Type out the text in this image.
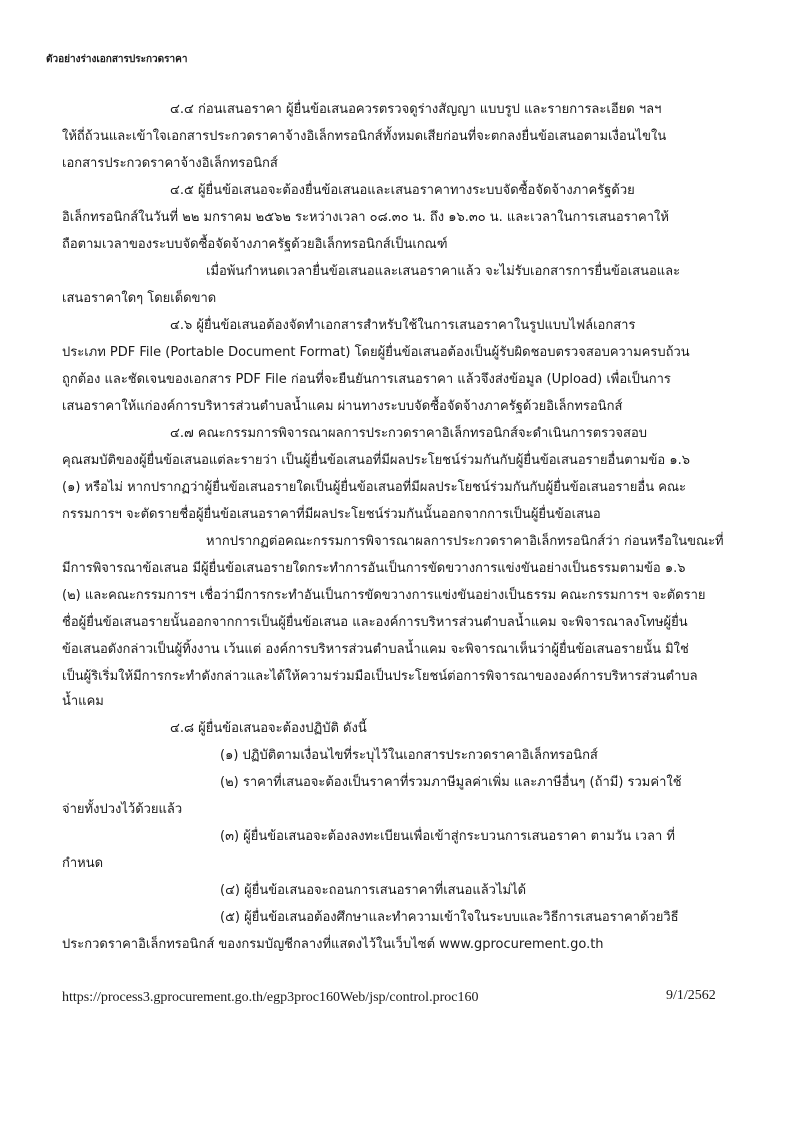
ตัวอย่างร่างเอกสารประกวดราคา
๔.๔ ก่อนเสนอราคา ผู้ยื่นข้อเสนอควรตรวจดูร่างสัญญา แบบรูป และรายการละเอียด ฯลฯ
ให้ถี่ถ้วนและเข้าใจเอกสารประกวดราคาจ้างอิเล็กทรอนิกส์ทั้งหมดเสียก่อนที่จะตกลงยื่นข้อเสนอตามเงื่อนไขใน
เอกสารประกวดราคาจ้างอิเล็กทรอนิกส์
๔.๕ ผู้ยื่นข้อเสนอจะต้องยื่นข้อเสนอและเสนอราคาทางระบบจัดซื้อจัดจ้างภาครัฐด้วย
อิเล็กทรอนิกส์ในวันที่ ๒๒ มกราคม ๒๕๖๒ ระหว่างเวลา ๐๘.๓๐ น. ถึง ๑๖.๓๐ น. และเวลาในการเสนอราคาให้
ถือตามเวลาของระบบจัดซื้อจัดจ้างภาครัฐด้วยอิเล็กทรอนิกส์เป็นเกณฑ์
เมื่อพ้นกำหนดเวลายื่นข้อเสนอและเสนอราคาแล้ว จะไม่รับเอกสารการยื่นข้อเสนอและ
เสนอราคาใดๆ โดยเด็ดขาด
๔.๖ ผู้ยื่นข้อเสนอต้องจัดทำเอกสารสำหรับใช้ในการเสนอราคาในรูปแบบไฟล์เอกสาร
ประเภท PDF File (Portable Document Format) โดยผู้ยื่นข้อเสนอต้องเป็นผู้รับผิดชอบตรวจสอบความครบถ้วน
ถูกต้อง และชัดเจนของเอกสาร PDF File ก่อนที่จะยืนยันการเสนอราคา แล้วจึงส่งข้อมูล (Upload) เพื่อเป็นการ
เสนอราคาให้แก่องค์การบริหารส่วนตำบลน้ำแคม ผ่านทางระบบจัดซื้อจัดจ้างภาครัฐด้วยอิเล็กทรอนิกส์
๔.๗ คณะกรรมการพิจารณาผลการประกวดราคาอิเล็กทรอนิกส์จะดำเนินการตรวจสอบ
คุณสมบัติของผู้ยื่นข้อเสนอแต่ละรายว่า เป็นผู้ยื่นข้อเสนอที่มีผลประโยชน์ร่วมกันกับผู้ยื่นข้อเสนอรายอื่นตามข้อ ๑.๖
(๑) หรือไม่ หากปรากฏว่าผู้ยื่นข้อเสนอรายใดเป็นผู้ยื่นข้อเสนอที่มีผลประโยชน์ร่วมกันกับผู้ยื่นข้อเสนอรายอื่น คณะ
กรรมการฯ จะตัดรายชื่อผู้ยื่นข้อเสนอราคาที่มีผลประโยชน์ร่วมกันนั้นออกจากการเป็นผู้ยื่นข้อเสนอ
หากปรากฏต่อคณะกรรมการพิจารณาผลการประกวดราคาอิเล็กทรอนิกส์ว่า ก่อนหรือในขณะที่
มีการพิจารณาข้อเสนอ มีผู้ยื่นข้อเสนอรายใดกระทำการอันเป็นการขัดขวางการแข่งขันอย่างเป็นธรรมตามข้อ ๑.๖
(๒) และคณะกรรมการฯ เชื่อว่ามีการกระทำอันเป็นการขัดขวางการแข่งขันอย่างเป็นธรรม คณะกรรมการฯ จะตัดราย
ชื่อผู้ยื่นข้อเสนอรายนั้นออกจากการเป็นผู้ยื่นข้อเสนอ และองค์การบริหารส่วนตำบลน้ำแคม จะพิจารณาลงโทษผู้ยื่น
ข้อเสนอดังกล่าวเป็นผู้ทิ้งงาน เว้นแต่ องค์การบริหารส่วนตำบลน้ำแคม จะพิจารณาเห็นว่าผู้ยื่นข้อเสนอรายนั้น มิใช่
เป็นผู้ริเริ่มให้มีการกระทำดังกล่าวและได้ให้ความร่วมมือเป็นประโยชน์ต่อการพิจารณาขององค์การบริหารส่วนตำบล
น้ำแคม
๔.๘ ผู้ยื่นข้อเสนอจะต้องปฏิบัติ ดังนี้
(๑) ปฏิบัติตามเงื่อนไขที่ระบุไว้ในเอกสารประกวดราคาอิเล็กทรอนิกส์
(๒) ราคาที่เสนอจะต้องเป็นราคาที่รวมภาษีมูลค่าเพิ่ม และภาษีอื่นๆ (ถ้ามี) รวมค่าใช้
จ่ายทั้งปวงไว้ด้วยแล้ว
(๓) ผู้ยื่นข้อเสนอจะต้องลงทะเบียนเพื่อเข้าสู่กระบวนการเสนอราคา ตามวัน เวลา ที่
กำหนด
(๔) ผู้ยื่นข้อเสนอจะถอนการเสนอราคาที่เสนอแล้วไม่ได้
(๕) ผู้ยื่นข้อเสนอต้องศึกษาและทำความเข้าใจในระบบและวิธีการเสนอราคาด้วยวิธี
ประกวดราคาอิเล็กทรอนิกส์ ของกรมบัญชีกลางที่แสดงไว้ในเว็บไซต์ www.gprocurement.go.th
https://process3.gprocurement.go.th/egp3proc160Web/jsp/control.proc160	9/1/2562
